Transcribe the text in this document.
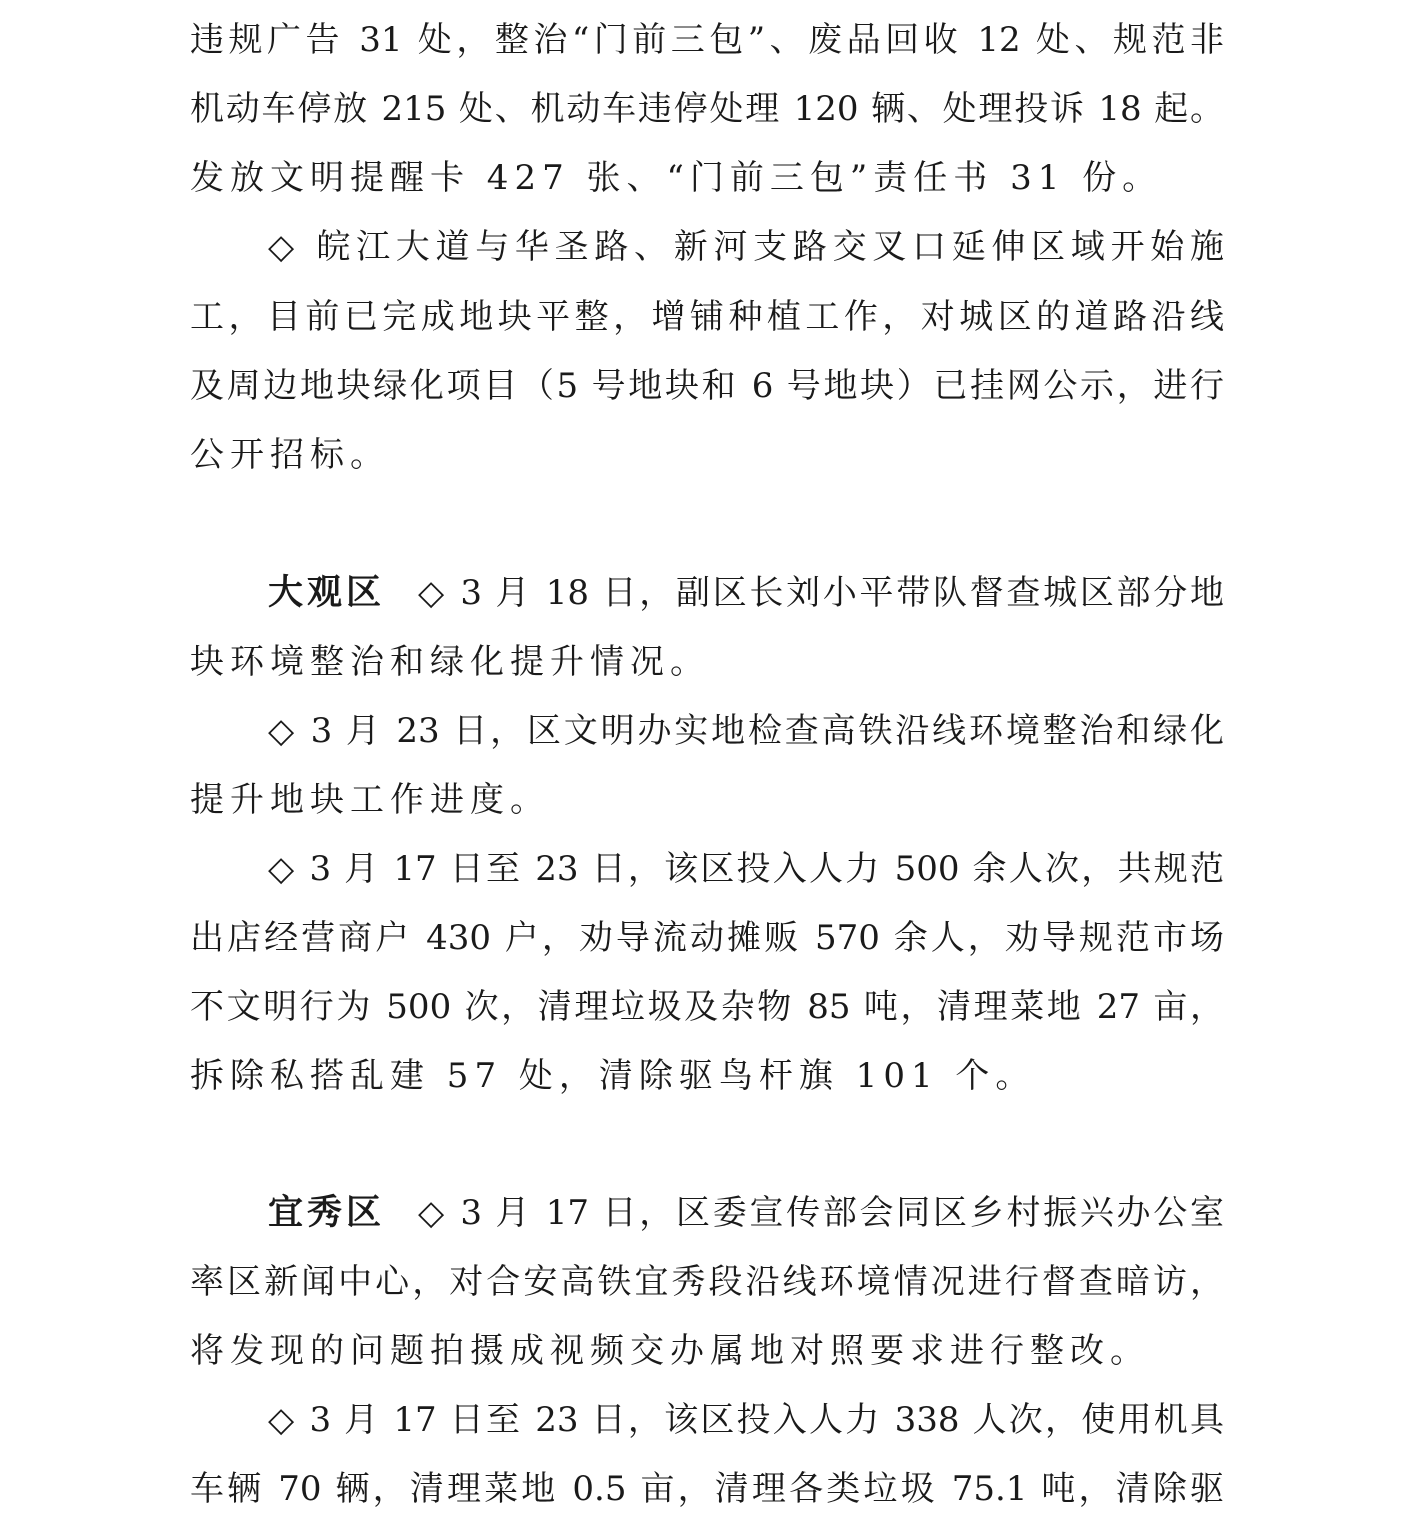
违规广告 31 处，整治“门前三包”、废品回收 12 处、规范非
机动车停放 215 处、机动车违停处理 120 辆、处理投诉 18 起。
发放文明提醒卡 427 张、“门前三包”责任书 31 份。
◇ 皖江大道与华圣路、新河支路交叉口延伸区域开始施
工，目前已完成地块平整，增铺种植工作，对城区的道路沿线
及周边地块绿化项目（5 号地块和 6 号地块）已挂网公示，进行
公开招标。
大观区 ◇ 3 月 18 日，副区长刘小平带队督查城区部分地
块环境整治和绿化提升情况。
◇ 3 月 23 日，区文明办实地检查高铁沿线环境整治和绿化
提升地块工作进度。
◇ 3 月 17 日至 23 日，该区投入人力 500 余人次，共规范
出店经营商户 430 户，劝导流动摊贩 570 余人，劝导规范市场
不文明行为 500 次，清理垃圾及杂物 85 吨，清理菜地 27 亩，
拆除私搭乱建 57 处，清除驱鸟杆旗 101 个。
宜秀区 ◇ 3 月 17 日，区委宣传部会同区乡村振兴办公室
率区新闻中心，对合安高铁宜秀段沿线环境情况进行督查暗访，
将发现的问题拍摄成视频交办属地对照要求进行整改。
◇ 3 月 17 日至 23 日，该区投入人力 338 人次，使用机具
车辆 70 辆，清理菜地 0.5 亩，清理各类垃圾 75.1 吨，清除驱
